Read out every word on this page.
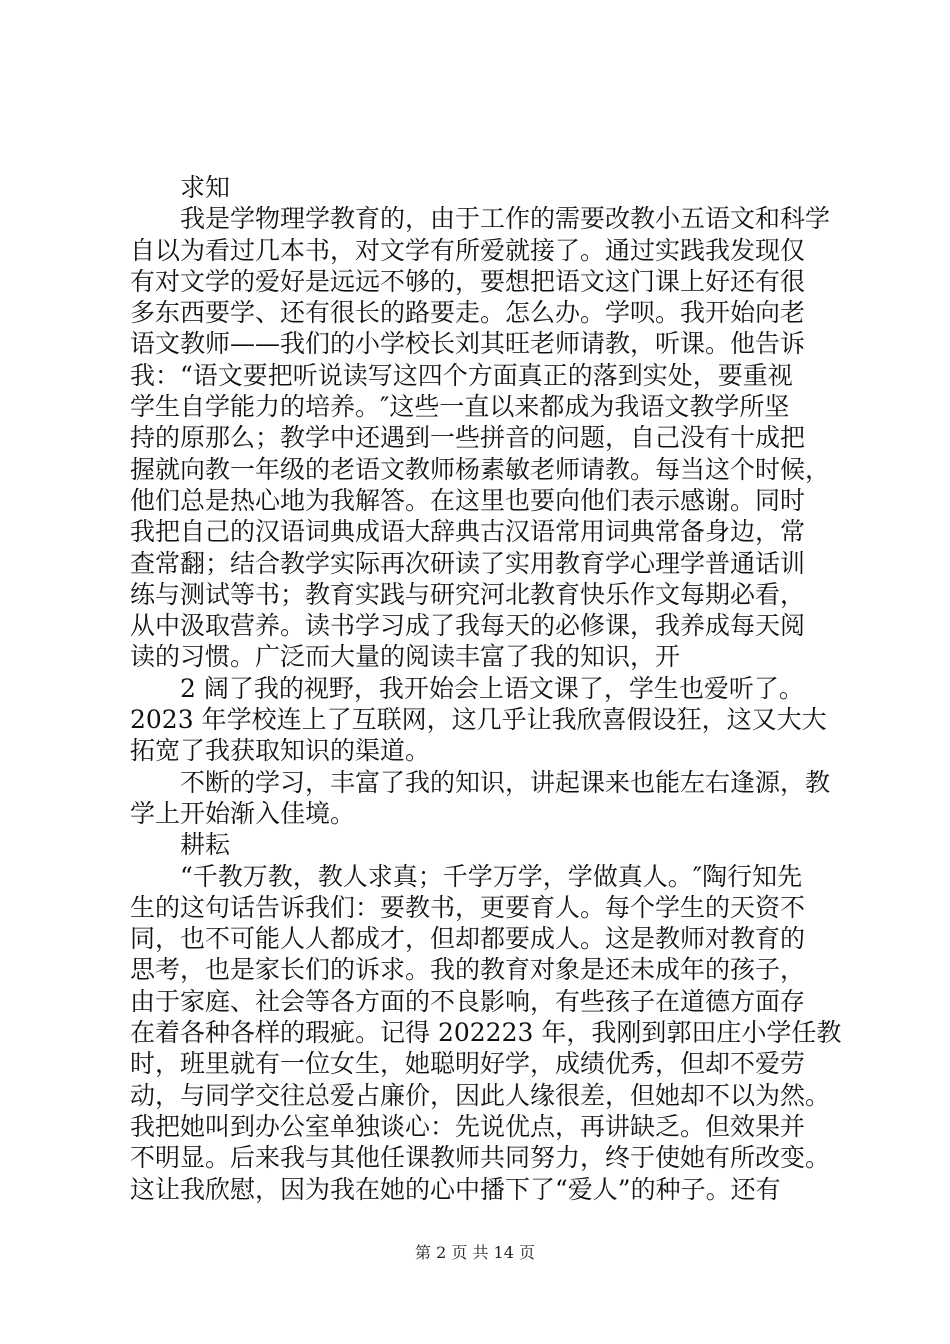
求知
我是学物理学教育的，由于工作的需要改教小五语文和科学
自以为看过几本书，对文学有所爱就接了。通过实践我发现仅
有对文学的爱好是远远不够的，要想把语文这门课上好还有很
多东西要学、还有很长的路要走。怎么办。学呗。我开始向老
语文教师——我们的小学校长刘其旺老师请教，听课。他告诉
我：“语文要把听说读写这四个方面真正的落到实处，要重视
学生自学能力的培养。″这些一直以来都成为我语文教学所坚
持的原那么；教学中还遇到一些拼音的问题，自己没有十成把
握就向教一年级的老语文教师杨素敏老师请教。每当这个时候，
他们总是热心地为我解答。在这里也要向他们表示感谢。同时
我把自己的汉语词典成语大辞典古汉语常用词典常备身边，常
查常翻；结合教学实际再次研读了实用教育学心理学普通话训
练与测试等书；教育实践与研究河北教育快乐作文每期必看，
从中汲取营养。读书学习成了我每天的必修课，我养成每天阅
读的习惯。广泛而大量的阅读丰富了我的知识，开
2 阔了我的视野，我开始会上语文课了，学生也爱听了。
2023 年学校连上了互联网，这几乎让我欣喜假设狂，这又大大
拓宽了我获取知识的渠道。
不断的学习，丰富了我的知识，讲起课来也能左右逢源，教
学上开始渐入佳境。
耕耘
“千教万教，教人求真；千学万学，学做真人。″陶行知先
生的这句话告诉我们：要教书，更要育人。每个学生的天资不
同，也不可能人人都成才，但却都要成人。这是教师对教育的
思考，也是家长们的诉求。我的教育对象是还未成年的孩子，
由于家庭、社会等各方面的不良影响，有些孩子在道德方面存
在着各种各样的瑕疵。记得 202223 年，我刚到郭田庄小学任教
时，班里就有一位女生，她聪明好学，成绩优秀，但却不爱劳
动，与同学交往总爱占廉价，因此人缘很差，但她却不以为然。
我把她叫到办公室单独谈心：先说优点，再讲缺乏。但效果并
不明显。后来我与其他任课教师共同努力，终于使她有所改变。
这让我欣慰，因为我在她的心中播下了“爱人”的种子。还有
第 2 页 共 14 页
